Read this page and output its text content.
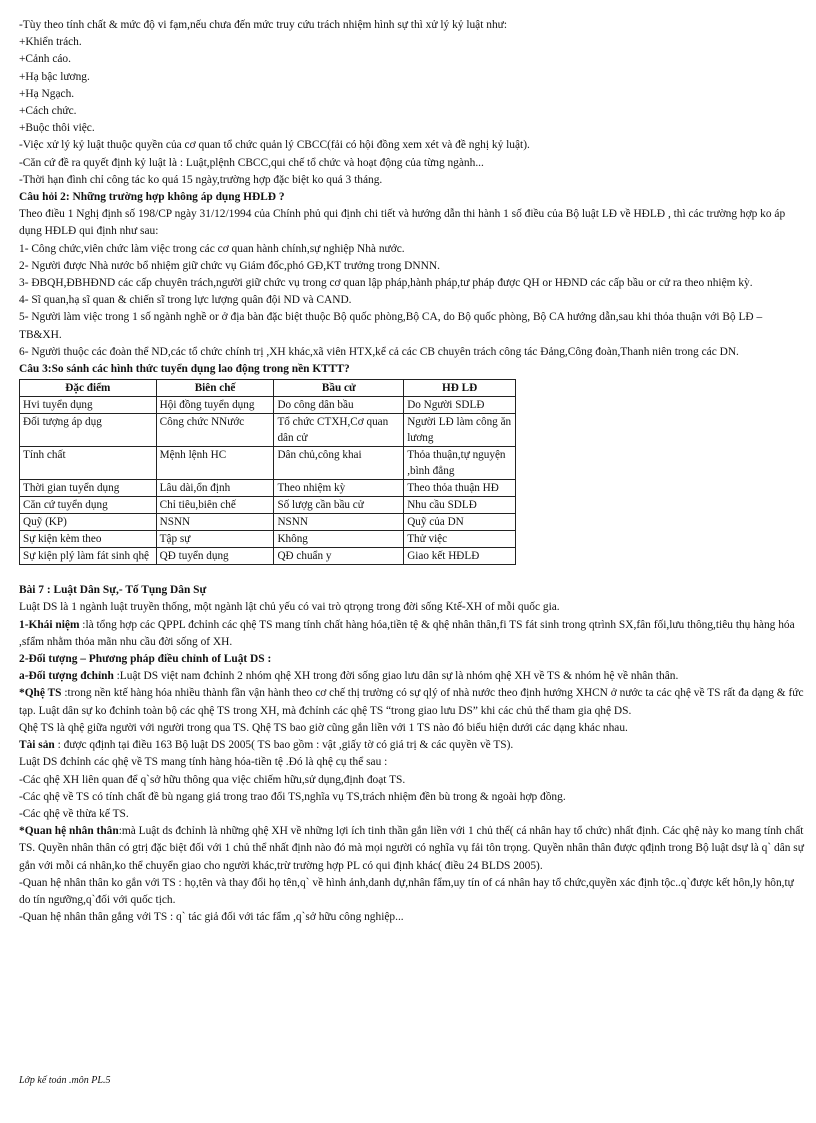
-Tùy theo tính chất & mức độ vi fạm,nếu chưa đến mức truy cứu trách nhiệm hình sự thì xử lý kỷ luật như:

+Khiển trách.

+Cảnh cáo.

+Hạ bậc lương.

+Hạ Ngạch.

+Cách chức.

+Buộc thôi việc.

-Việc xử lý kỷ luật thuộc quyền của cơ quan tổ chức quản lý CBCC(fải có hội đồng xem xét và đề nghị kỷ luật).

-Căn cứ đề ra quyết định kỷ luật là : Luật,plệnh CBCC,qui chế tổ chức và hoạt động của từng ngành...

-Thời hạn đình chỉ công tác ko quá 15 ngày,trường hợp đặc biệt ko quá 3 tháng.

Câu hỏi 2: Những trường hợp không áp dụng HĐLĐ ?

Theo điều 1 Nghị định số 198/CP ngày 31/12/1994 của Chính phủ qui định chi tiết và hướng dẫn thi hành 1 số điều của Bộ luật LĐ về HĐLĐ , thì các trường hợp ko áp dụng HĐLĐ qui định như sau:

1- Công chức,viên chức làm việc trong các cơ quan hành chính,sự nghiệp Nhà nước.

2- Người được Nhà nước bổ nhiệm giữ chức vụ Giám đốc,phó GĐ,KT trưởng trong DNNN.

3- ĐBQH,ĐBHĐND các cấp chuyên trách,người giữ chức vụ trong cơ quan lập pháp,hành pháp,tư pháp được QH or HĐND các cấp bầu or cử ra theo nhiệm kỳ.

4- Sĩ quan,hạ sĩ quan & chiến sĩ trong lực lượng quân đội ND và CAND.

5- Người làm việc trong 1 số ngành nghề or ở địa bàn đặc biệt thuộc Bộ quốc phòng,Bộ CA, do Bộ quốc phòng, Bộ CA hướng dẫn,sau khi thỏa thuận với Bộ LĐ – TB&XH.

6- Người thuộc các đoàn thể ND,các tổ chức chính trị ,XH khác,xã viên HTX,kể cả các CB chuyên trách công tác Đảng,Công đoàn,Thanh niên trong các DN.

Câu 3:So sánh các hình thức tuyển dụng lao động trong nền KTTT?

Đặc điểm	Biên chế	Bầu cử	HĐ LĐ
Hvi tuyển dụng	Hội đồng tuyển dụng	Do công dân bầu	Do Người SDLĐ
Đối tượng áp dụg	Công chức NNước	Tổ chức CTXH,Cơ quan dân cử	Người LĐ làm công ăn lương
Tính chất	Mệnh lệnh HC	Dân chủ,công khai	Thỏa thuận,tự nguyện ,bình đẳng
Thời gian tuyển dụng	Lâu dài,ổn định	Theo nhiệm kỳ	Theo thỏa thuận HĐ
Căn cứ tuyển dụng	Chỉ tiêu,biên chế	Số lượg cần bầu cử	Nhu cầu SDLĐ
Quỹ (KP)	NSNN	NSNN	Quỹ của DN
Sự kiện kèm theo	Tập sự	Không	Thử việc
Sự kiện plý làm fát sinh qhệ	QĐ tuyển dụng	QĐ chuẩn y	Giao kết HĐLĐ

Bài 7 : Luật Dân Sự,- Tố Tụng Dân Sự

Luật DS là 1 ngành luật truyền thống, một ngành lật chủ yếu có vai trò qtrọng trong đời sống Ktế-XH of mỗi quốc gia.

1-Khái niệm :là tổng hợp các QPPL đchỉnh các qhệ TS mang tính chất hàng hóa,tiền tệ & qhệ nhân thân,fi TS fát sinh trong qtrình SX,fân fối,lưu thông,tiêu thụ hàng hóa ,sfẩm nhằm thỏa mãn nhu cầu đời sống of XH.

2-Đối tượng – Phương pháp điều chỉnh of Luật DS :

a-Đối tượng đchỉnh :Luật DS việt nam đchỉnh 2 nhóm qhệ XH trong đời sống giao lưu dân sự là nhóm qhệ XH về TS & nhóm hệ về nhân thân.

*Qhệ TS :trong nền ktế hàng hóa nhiều thành fần vận hành theo cơ chế thị trường có sự qlý of nhà nước theo định hướng XHCN ở nước ta các qhệ về TS rất đa dạng & fức tạp. Luật dân sự ko đchỉnh toàn bộ các qhệ TS trong XH, mà đchỉnh các qhệ TS “trong giao lưu DS” khi các chủ thể tham gia qhệ DS.

Qhệ TS là qhệ giữa người với người trong qua TS. Qhệ TS bao giờ cũng gắn liền với 1 TS nào đó biểu hiện dưới các dạng khác nhau.

Tài sản : được qđịnh tại điều 163 Bộ luật DS 2005( TS bao gồm : vật ,giấy tờ có giá trị & các quyền về TS).

Luật DS đchỉnh các qhệ về TS mang tính hàng hóa-tiền tệ .Đó là qhệ cụ thể sau :

-Các qhệ XH liên quan để q`sở hữu thông qua việc chiếm hữu,sử dụng,định đoạt TS.

-Các qhệ về TS có tính chất đề bù ngang giá trong trao đổi TS,nghĩa vụ TS,trách nhiệm đền bù trong & ngoài hợp đồng.

-Các qhệ về thừa kế TS.

*Quan hệ nhân thân:mà Luật ds đchỉnh là những qhệ XH về những lợi ích tinh thần gắn liền với 1 chủ thể( cá nhân hay tổ chức) nhất định. Các qhệ này ko mang tính chất TS. Quyền nhân thân có gtrị đặc biệt đối với 1 chủ thể nhất định nào đó mà mọi người có nghĩa vụ fải tôn trọng. Quyền nhân thân được qđịnh trong Bộ luật dsự là q` dân sự gắn với mỗi cá nhân,ko thể chuyển giao cho người khác,trừ trường hợp PL có qui định khác( điều 24 BLDS 2005).

-Quan hệ nhân thân ko gắn với TS : họ,tên và thay đổi họ tên,q` về hình ảnh,danh dự,nhân fẩm,uy tín of cá nhân hay tổ chức,quyền xác định tộc..q`được kết hôn,ly hôn,tự do tín ngưỡng,q`đối với quốc tịch.

-Quan hệ nhân thân gắng với TS : q` tác giả đối với tác fẩm ,q`sở hữu công nghiệp...

Lớp kế toán .môn PL.5
